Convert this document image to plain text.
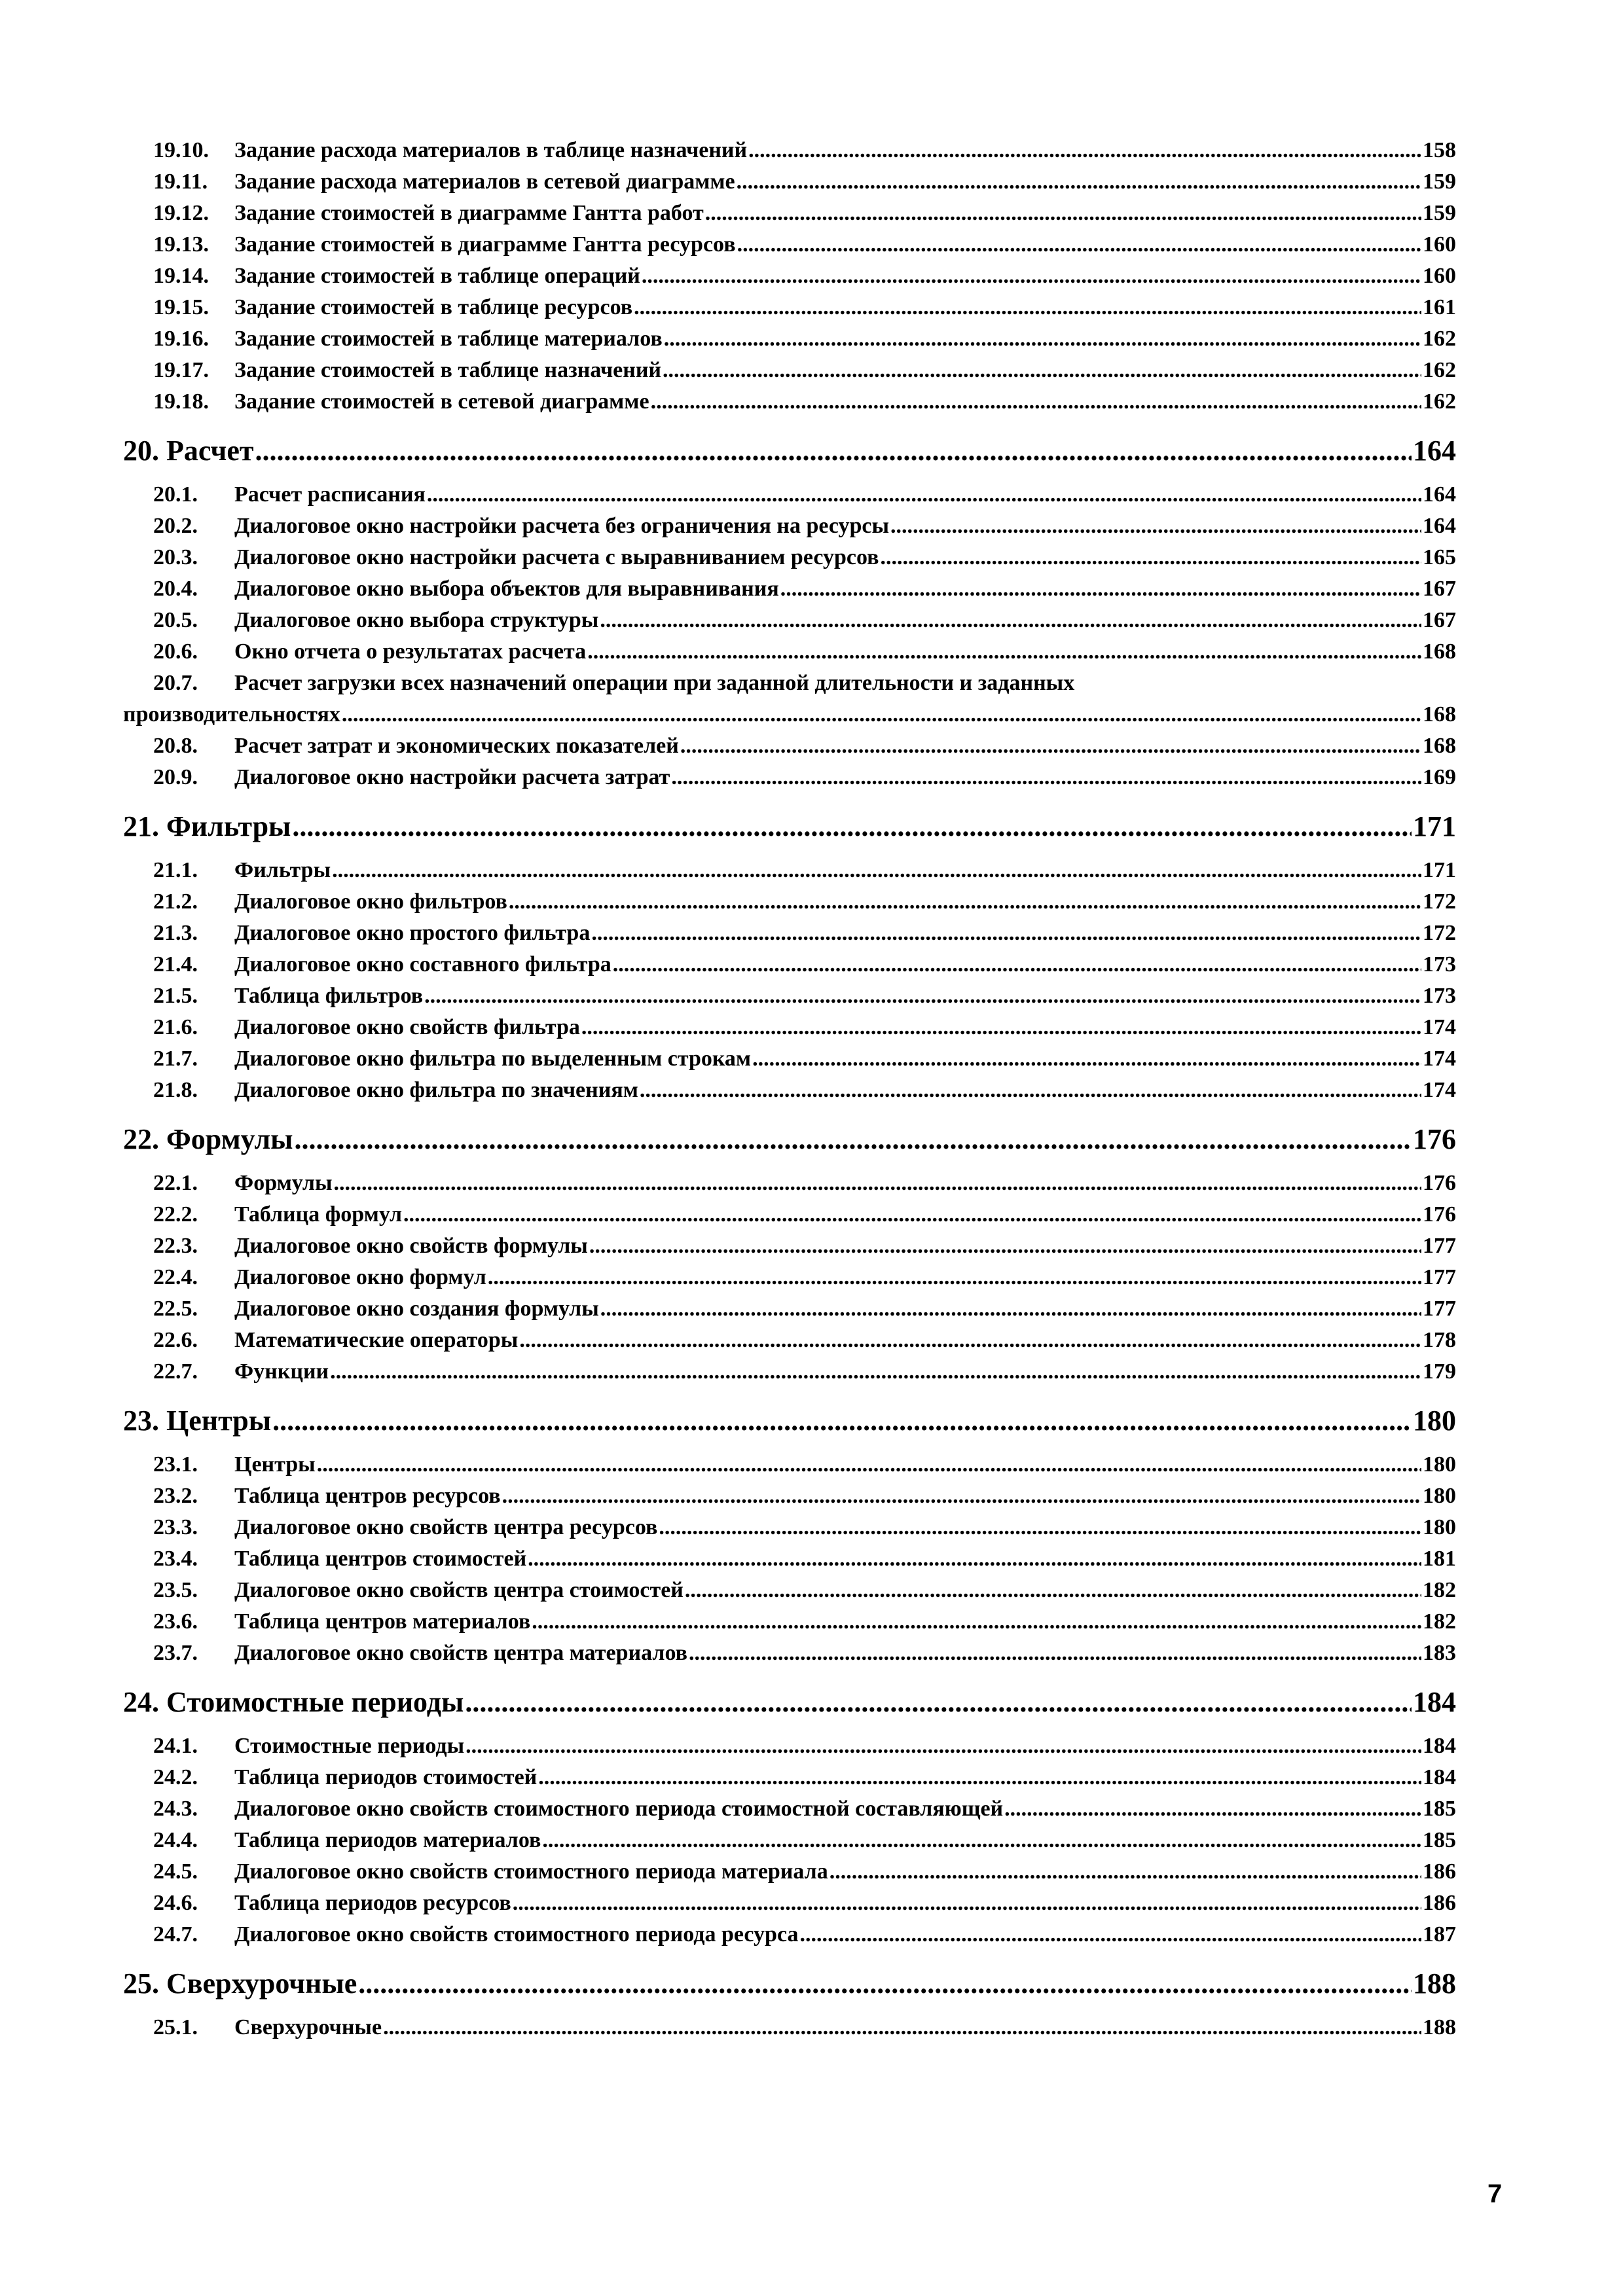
19.10.	Задание расхода материалов в таблице назначений .....	158
19.11.	Задание расхода материалов в сетевой диаграмме .....	159
19.12.	Задание стоимостей в диаграмме Гантта работ .....	159
19.13.	Задание стоимостей в диаграмме Гантта ресурсов .....	160
19.14.	Задание стоимостей в таблице операций .....	160
19.15.	Задание стоимостей в таблице ресурсов .....	161
19.16.	Задание стоимостей в таблице материалов .....	162
19.17.	Задание стоимостей в таблице назначений .....	162
19.18.	Задание стоимостей в сетевой диаграмме .....	162
20. Расчет .....	164
20.1.	Расчет расписания .....	164
20.2.	Диалоговое окно настройки расчета без ограничения на ресурсы .....	164
20.3.	Диалоговое окно настройки расчета с выравниванием ресурсов .....	165
20.4.	Диалоговое окно выбора объектов для выравнивания .....	167
20.5.	Диалоговое окно выбора структуры .....	167
20.6.	Окно отчета о результатах расчета .....	168
20.7.	Расчет загрузки всех назначений операции при заданной длительности и заданных
производительностях .....	168
20.8.	Расчет затрат и экономических показателей .....	168
20.9.	Диалоговое окно настройки расчета затрат .....	169
21. Фильтры .....	171
21.1.	Фильтры .....	171
21.2.	Диалоговое окно фильтров .....	172
21.3.	Диалоговое окно простого фильтра .....	172
21.4.	Диалоговое окно составного фильтра .....	173
21.5.	Таблица фильтров .....	173
21.6.	Диалоговое окно свойств фильтра .....	174
21.7.	Диалоговое окно фильтра по выделенным строкам .....	174
21.8.	Диалоговое окно фильтра по значениям .....	174
22. Формулы .....	176
22.1.	Формулы .....	176
22.2.	Таблица формул .....	176
22.3.	Диалоговое окно свойств формулы .....	177
22.4.	Диалоговое окно формул .....	177
22.5.	Диалоговое окно создания формулы .....	177
22.6.	Математические операторы .....	178
22.7.	Функции .....	179
23. Центры .....	180
23.1.	Центры .....	180
23.2.	Таблица центров ресурсов .....	180
23.3.	Диалоговое окно свойств центра ресурсов .....	180
23.4.	Таблица центров стоимостей .....	181
23.5.	Диалоговое окно свойств центра стоимостей .....	182
23.6.	Таблица центров материалов .....	182
23.7.	Диалоговое окно свойств центра материалов .....	183
24. Стоимостные периоды .....	184
24.1.	Стоимостные периоды .....	184
24.2.	Таблица периодов стоимостей .....	184
24.3.	Диалоговое окно свойств стоимостного периода стоимостной составляющей .....	185
24.4.	Таблица периодов материалов .....	185
24.5.	Диалоговое окно свойств стоимостного периода материала .....	186
24.6.	Таблица периодов ресурсов .....	186
24.7.	Диалоговое окно свойств стоимостного периода ресурса .....	187
25. Сверхурочные .....	188
25.1.	Сверхурочные .....	188
7
